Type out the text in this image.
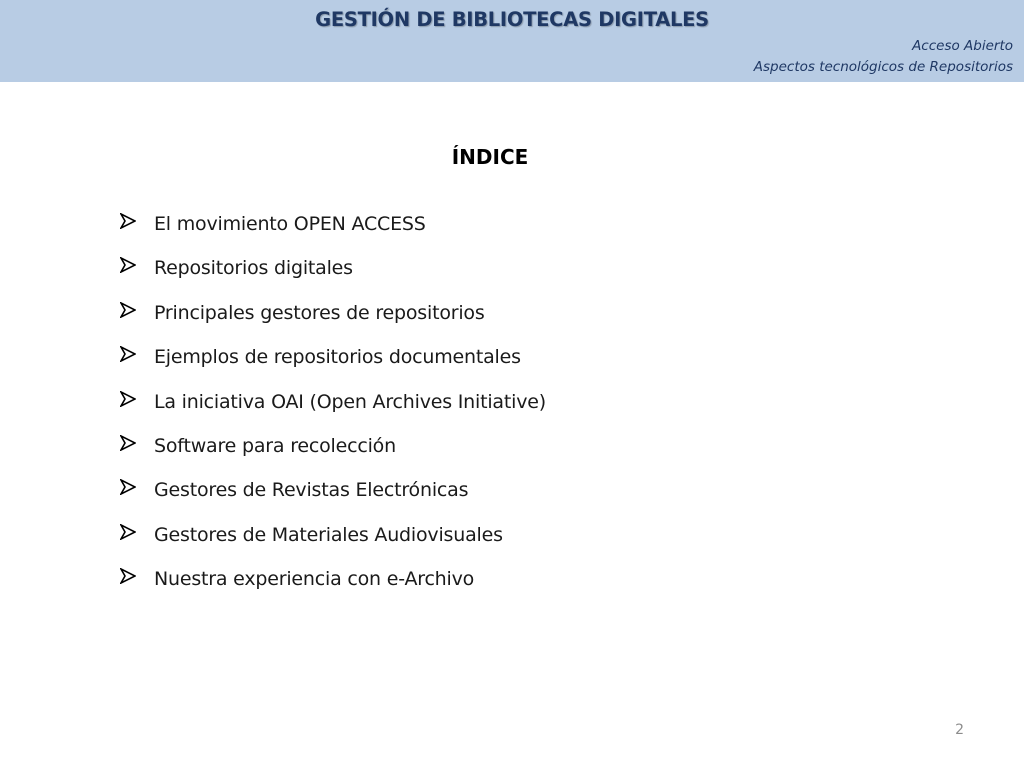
GESTIÓN DE BIBLIOTECAS DIGITALES
Acceso Abierto
Aspectos tecnológicos de Repositorios
ÍNDICE
El movimiento OPEN ACCESS
Repositorios digitales
Principales gestores de repositorios
Ejemplos de repositorios documentales
La iniciativa OAI (Open Archives Initiative)
Software para recolección
Gestores de Revistas Electrónicas
Gestores de Materiales Audiovisuales
Nuestra experiencia con e-Archivo
2
